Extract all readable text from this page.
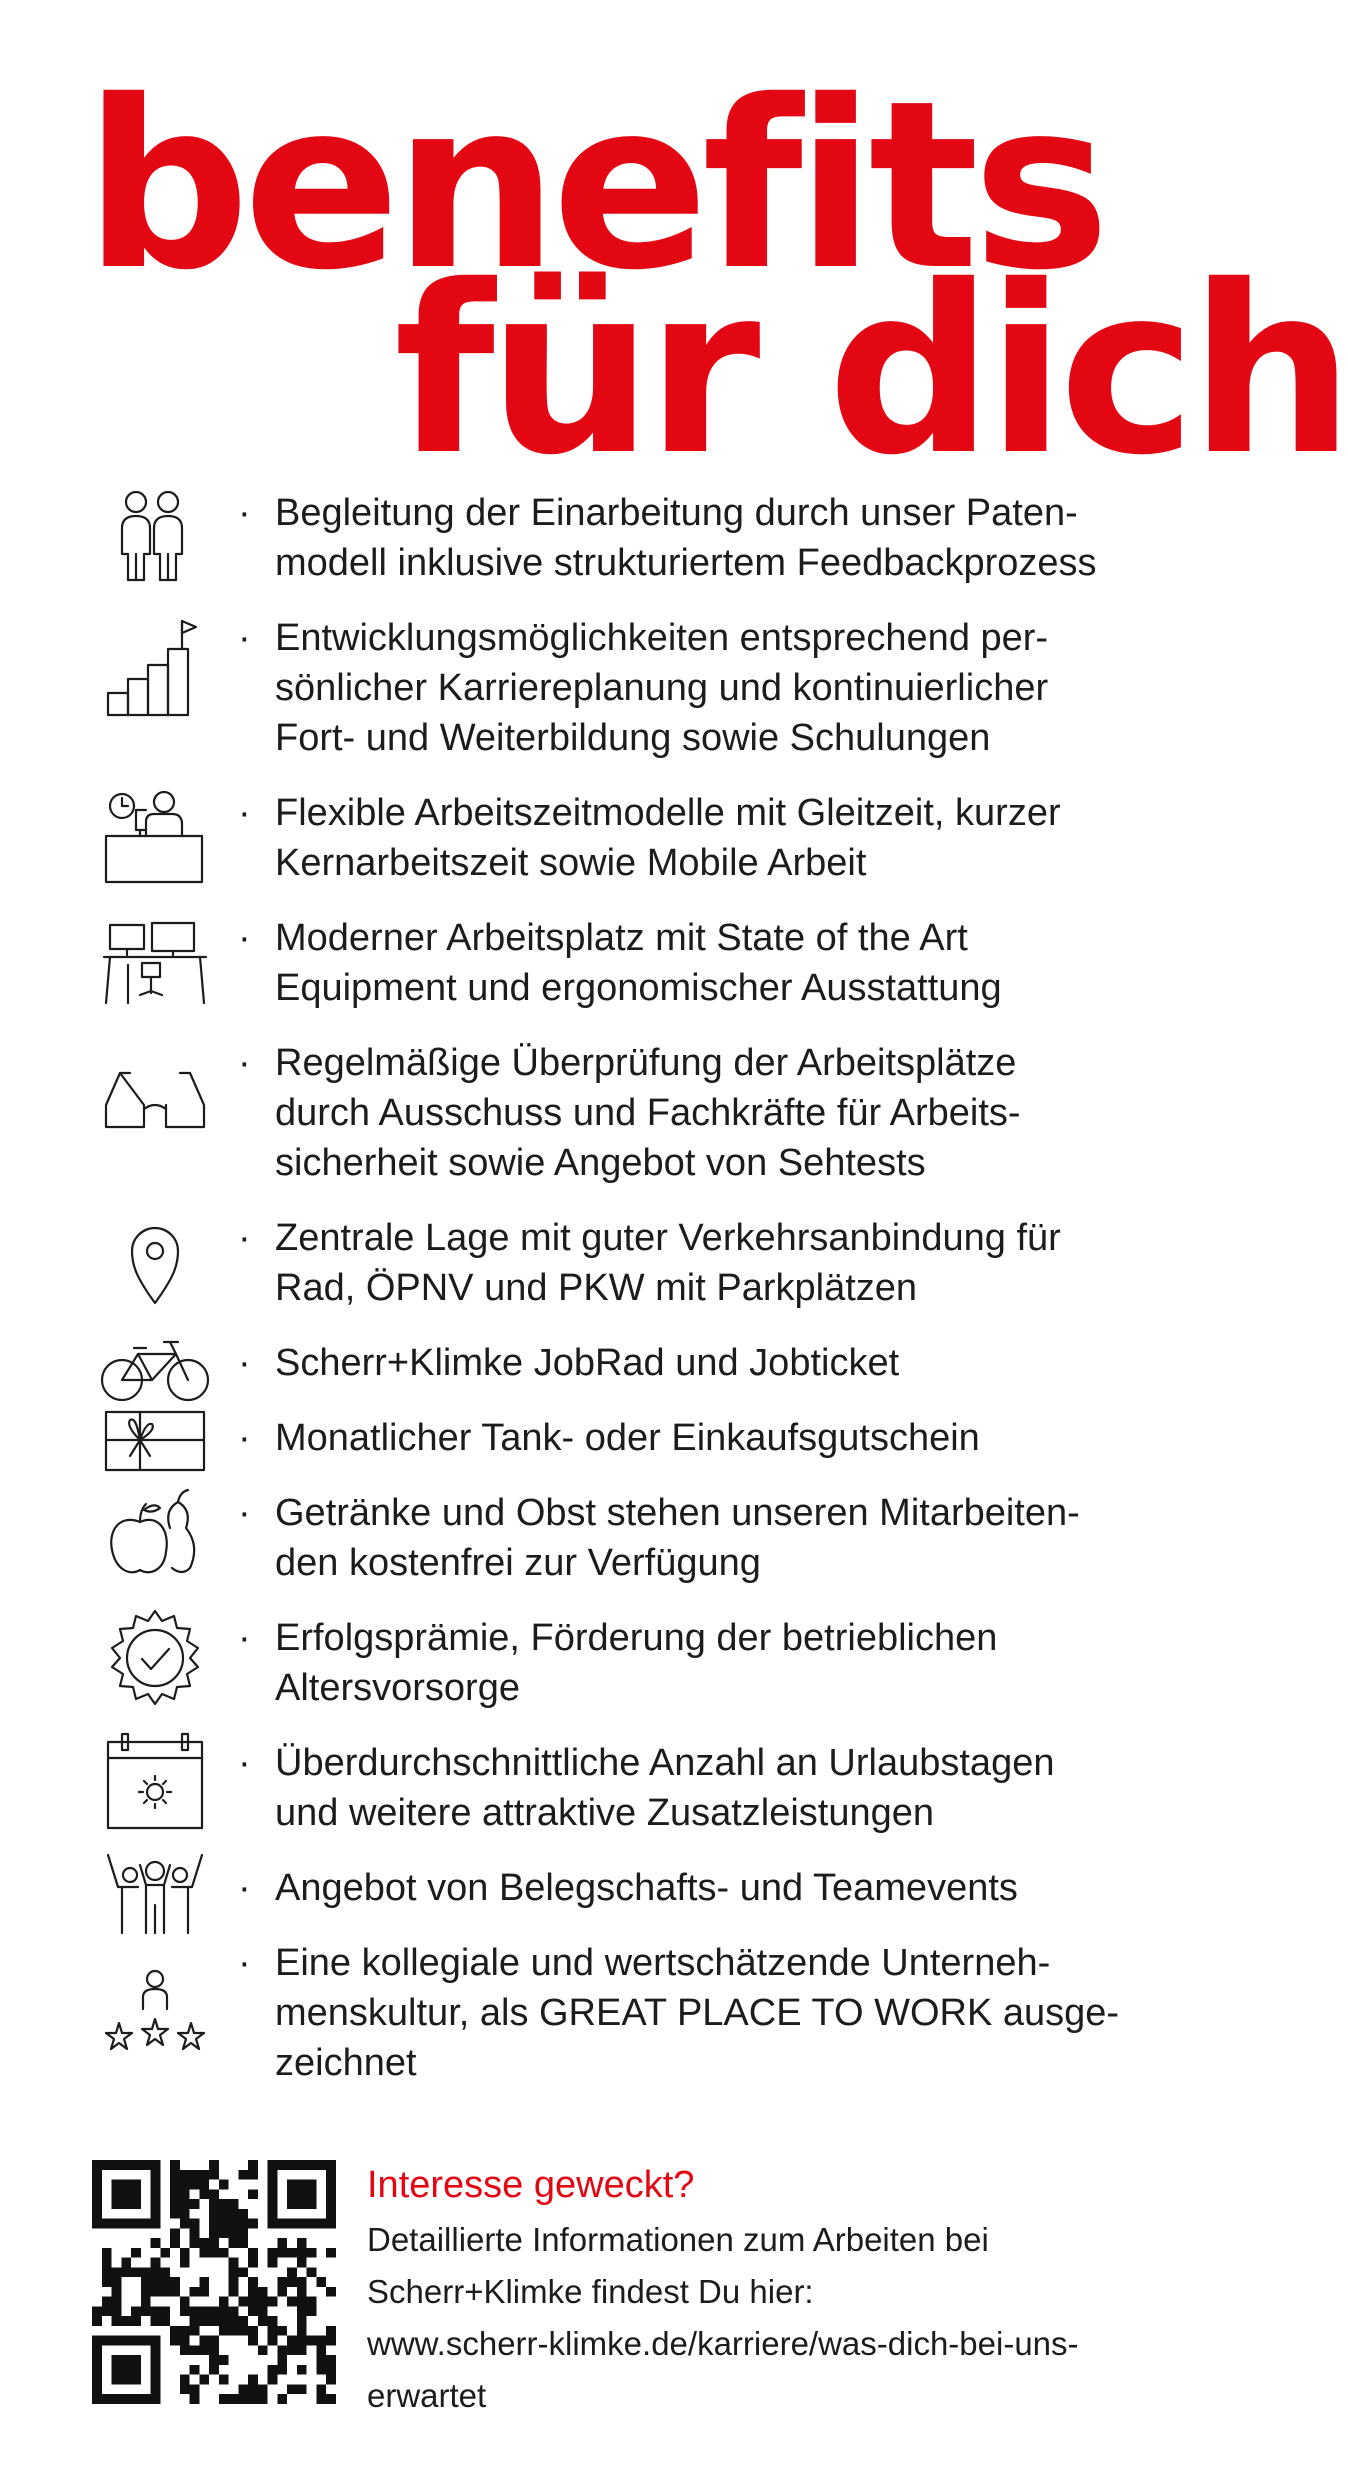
benefits
für dich
· Begleitung der Einarbeitung durch unser Paten-
modell inklusive strukturiertem Feedbackprozess

· Entwicklungsmöglichkeiten entsprechend per-
sönlicher Karriereplanung und kontinuierlicher
Fort- und Weiterbildung sowie Schulungen

· Flexible Arbeitszeitmodelle mit Gleitzeit, kurzer
Kernarbeitszeit sowie Mobile Arbeit

· Moderner Arbeitsplatz mit State of the Art
Equipment und ergonomischer Ausstattung

· Regelmäßige Überprüfung der Arbeitsplätze
durch Ausschuss und Fachkräfte für Arbeits-
sicherheit sowie Angebot von Sehtests

· Zentrale Lage mit guter Verkehrsanbindung für
Rad, ÖPNV und PKW mit Parkplätzen

· Scherr+Klimke JobRad und Jobticket

· Monatlicher Tank- oder Einkaufsgutschein

· Getränke und Obst stehen unseren Mitarbeiten-
den kostenfrei zur Verfügung

· Erfolgsprämie, Förderung der betrieblichen
Altersvorsorge

· Überdurchschnittliche Anzahl an Urlaubstagen
und weitere attraktive Zusatzleistungen

· Angebot von Belegschafts- und Teamevents

· Eine kollegiale und wertschätzende Unterneh-
menskultur, als GREAT PLACE TO WORK ausge-
zeichnet

Interesse geweckt?

Detaillierte Informationen zum Arbeiten bei
Scherr+Klimke findest Du hier:
www.scherr-klimke.de/karriere/was-dich-bei-uns-
erwartet
